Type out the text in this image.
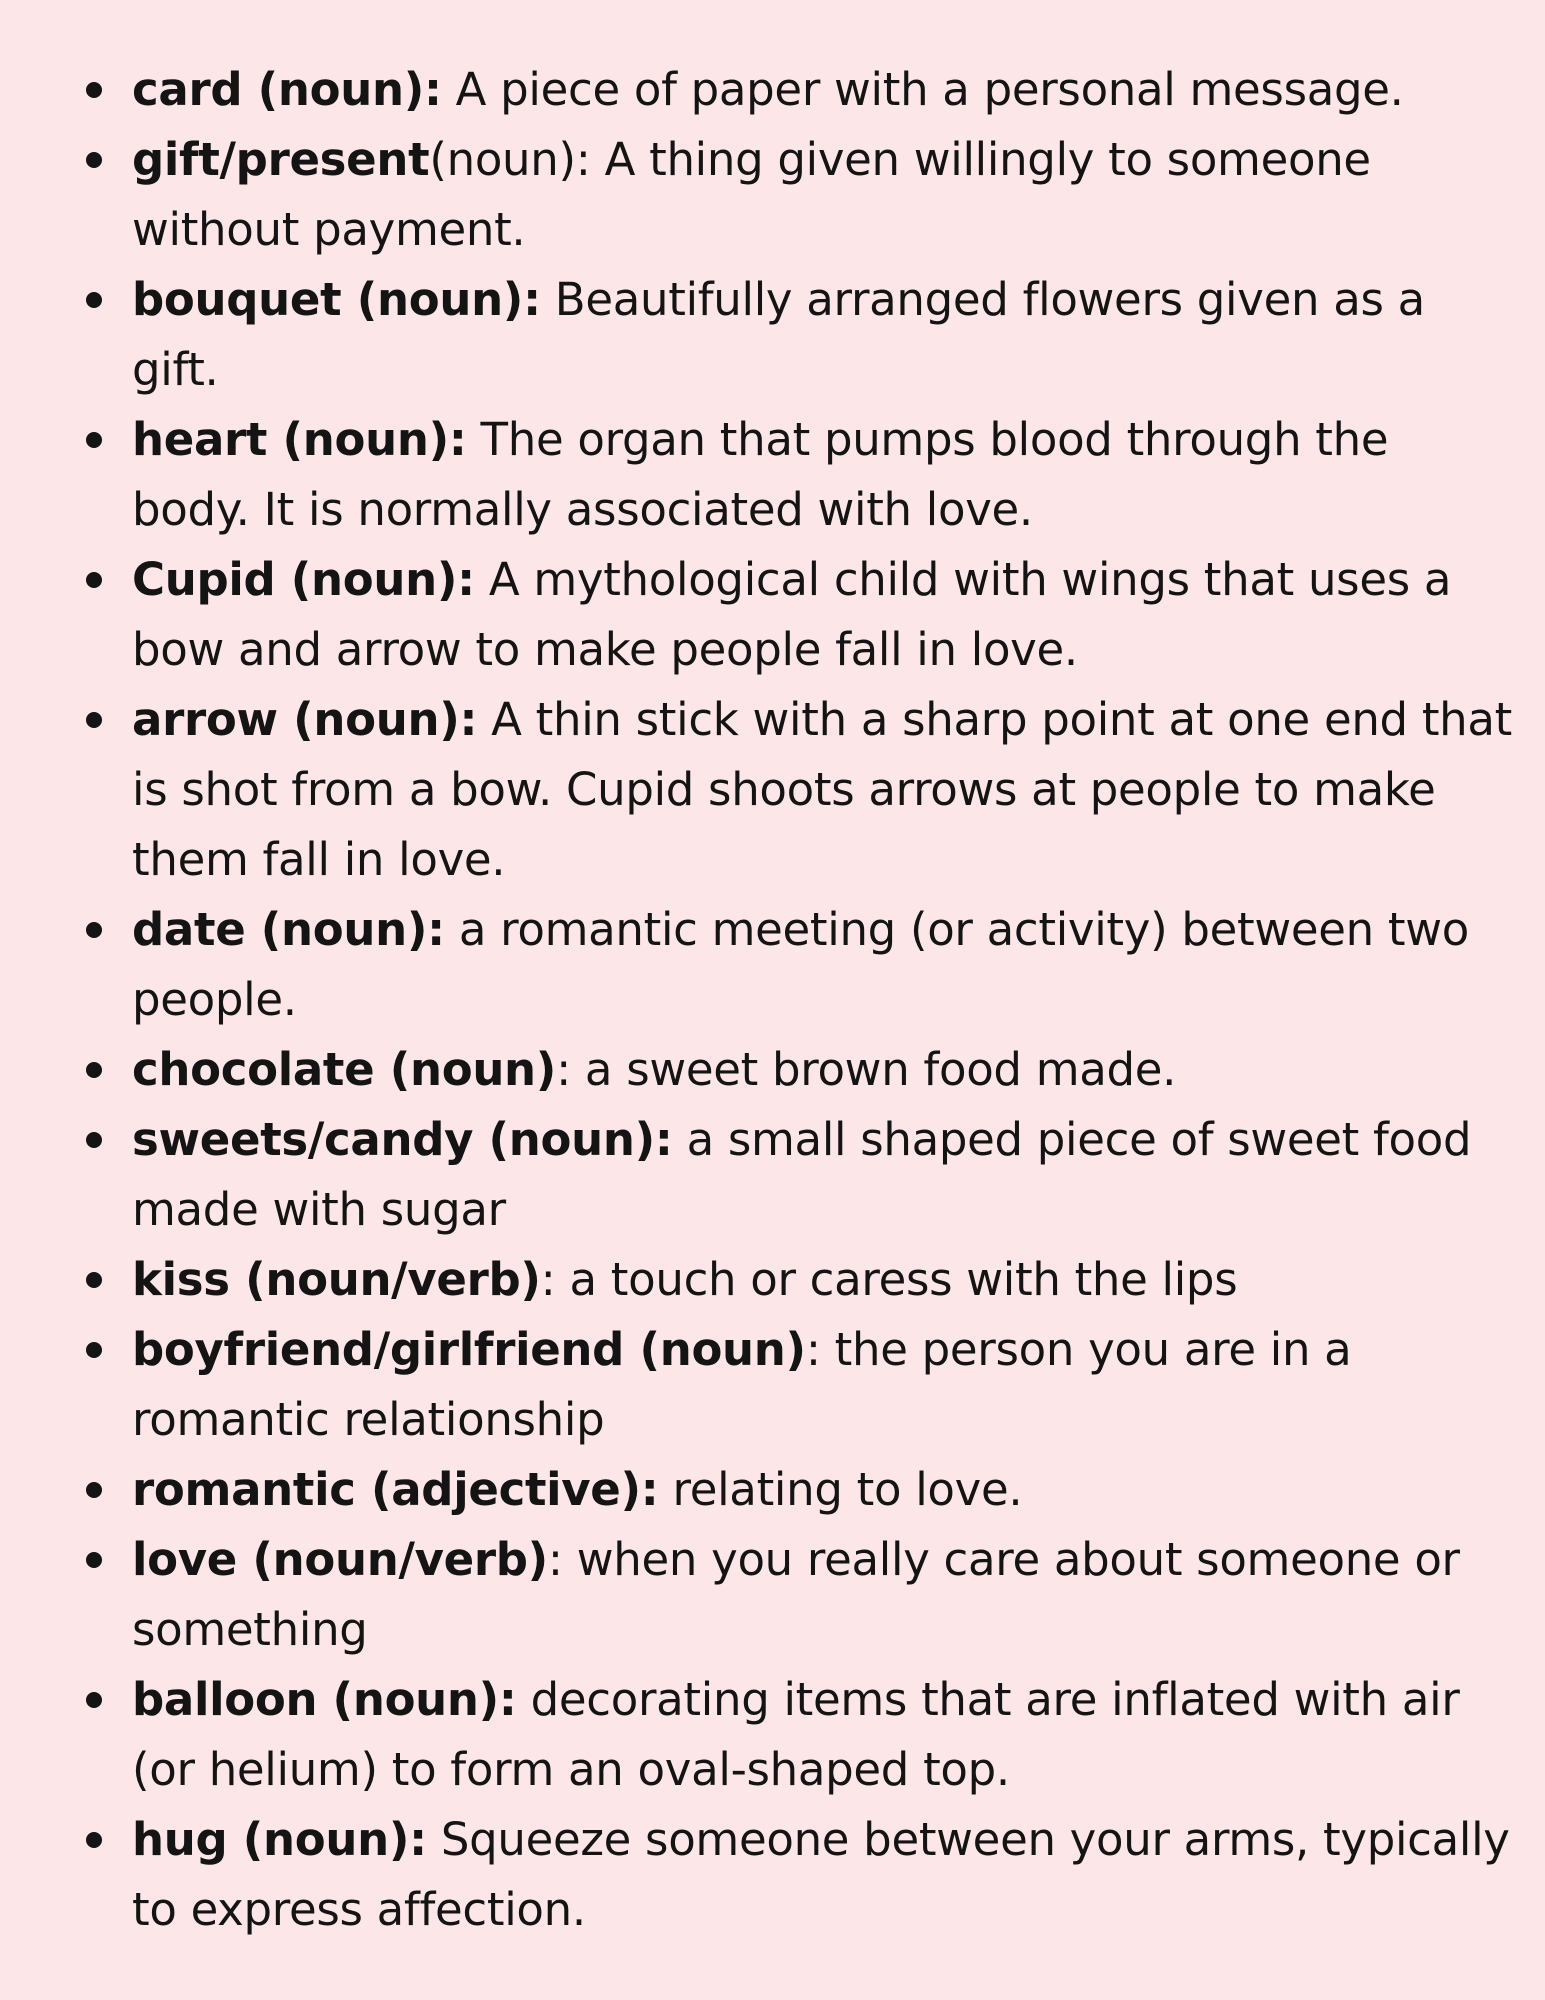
card (noun): A piece of paper with a personal message.
gift/present(noun): A thing given willingly to someone without payment.
bouquet (noun): Beautifully arranged flowers given as a gift.
heart (noun): The organ that pumps blood through the body. It is normally associated with love.
Cupid (noun): A mythological child with wings that uses a bow and arrow to make people fall in love.
arrow (noun): A thin stick with a sharp point at one end that is shot from a bow. Cupid shoots arrows at people to make them fall in love.
date (noun): a romantic meeting (or activity) between two people.
chocolate (noun): a sweet brown food made.
sweets/candy (noun): a small shaped piece of sweet food made with sugar
kiss (noun/verb): a touch or caress with the lips
boyfriend/girlfriend (noun): the person you are in a romantic relationship
romantic (adjective): relating to love.
love (noun/verb): when you really care about someone or something
balloon (noun): decorating items that are inflated with air (or helium) to form an oval-shaped top.
hug (noun): Squeeze someone between your arms, typically to express affection.
